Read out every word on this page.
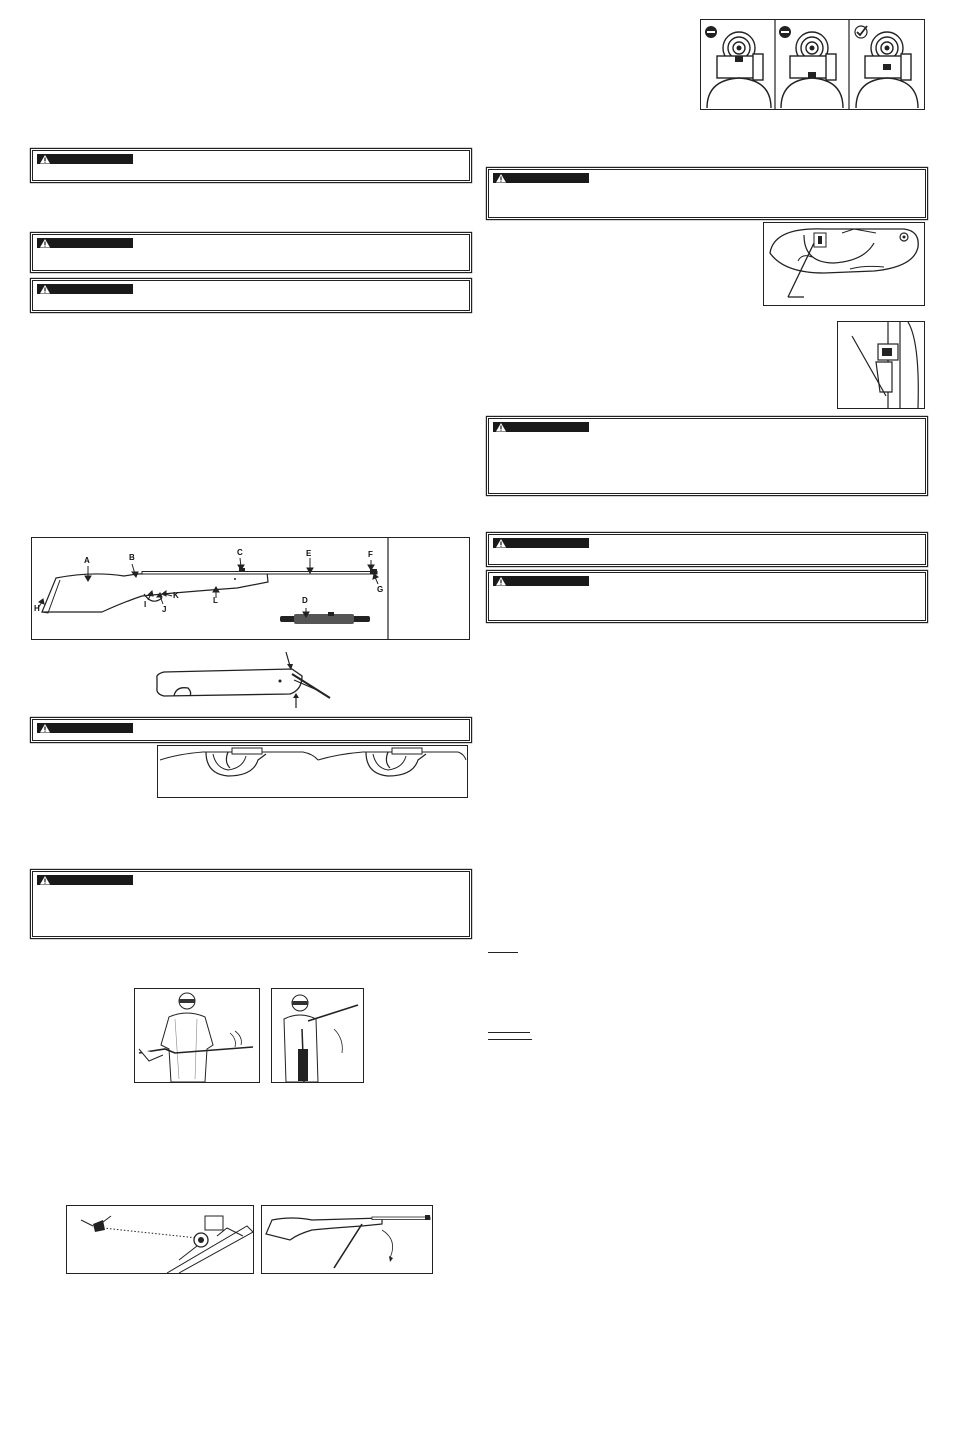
A	B
C
D
E	F
G
H	I
J
K
L
